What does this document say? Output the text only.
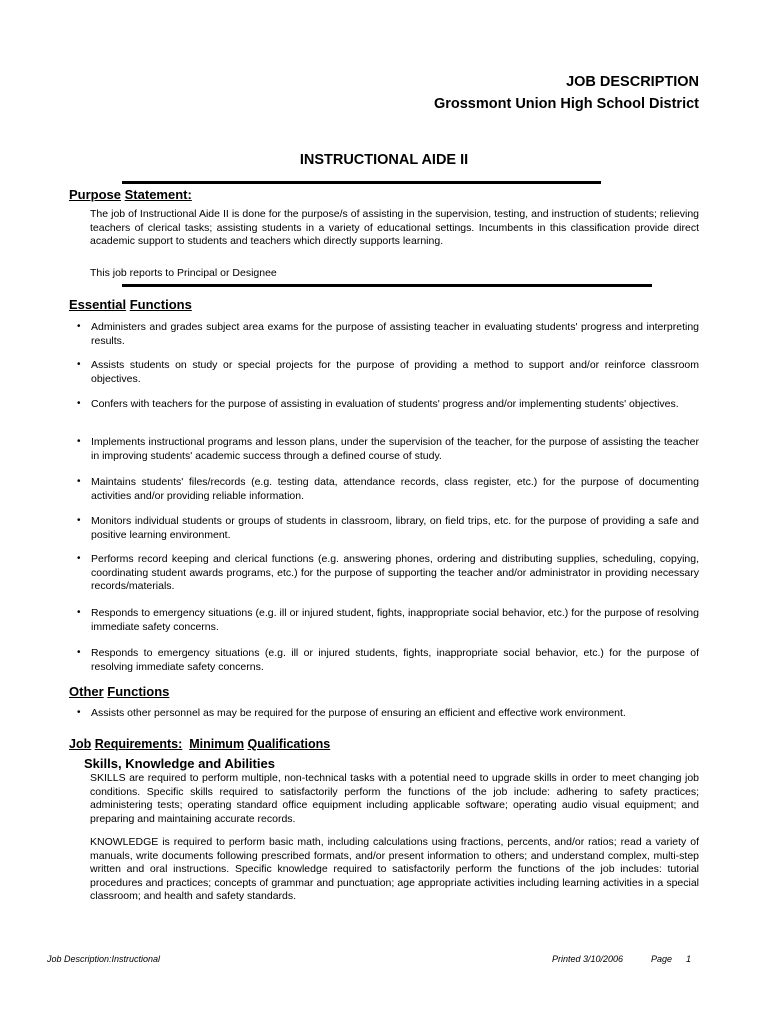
JOB DESCRIPTION
Grossmont Union High School District
INSTRUCTIONAL AIDE II
Purpose Statement:
The job of Instructional Aide II is done for the purpose/s of assisting in the supervision, testing, and instruction of students; relieving teachers of clerical tasks; assisting students in a variety of educational settings. Incumbents in this classification provide direct academic support to students and teachers which directly supports learning.
This job reports to Principal or Designee
Essential Functions
• Administers and grades subject area exams for the purpose of assisting teacher in evaluating students' progress and interpreting results.
• Assists students on study or special projects for the purpose of providing a method to support and/or reinforce classroom objectives.
• Confers with teachers for the purpose of assisting in evaluation of students' progress and/or implementing students' objectives.
• Implements instructional programs and lesson plans, under the supervision of the teacher, for the purpose of assisting the teacher in improving students' academic success through a defined course of study.
• Maintains students' files/records (e.g. testing data, attendance records, class register, etc.) for the purpose of documenting activities and/or providing reliable information.
• Monitors individual students or groups of students in classroom, library, on field trips, etc. for the purpose of providing a safe and positive learning environment.
• Performs record keeping and clerical functions (e.g. answering phones, ordering and distributing supplies, scheduling, copying, coordinating student awards programs, etc.) for the purpose of supporting the teacher and/or administrator in providing necessary records/materials.
• Responds to emergency situations (e.g. ill or injured student, fights, inappropriate social behavior, etc.) for the purpose of resolving immediate safety concerns.
• Responds to emergency situations (e.g. ill or injured students, fights, inappropriate social behavior, etc.) for the purpose of resolving immediate safety concerns.
Other Functions
• Assists other personnel as may be required for the purpose of ensuring an efficient and effective work environment.
Job Requirements: Minimum Qualifications
Skills, Knowledge and Abilities
SKILLS are required to perform multiple, non-technical tasks with a potential need to upgrade skills in order to meet changing job conditions. Specific skills required to satisfactorily perform the functions of the job include: adhering to safety practices; administering tests; operating standard office equipment including applicable software; operating audio visual equipment; and preparing and maintaining accurate records.
KNOWLEDGE is required to perform basic math, including calculations using fractions, percents, and/or ratios; read a variety of manuals, write documents following prescribed formats, and/or present information to others; and understand complex, multi-step written and oral instructions. Specific knowledge required to satisfactorily perform the functions of the job includes: tutorial procedures and practices; concepts of grammar and punctuation; age appropriate activities including learning activities in a special classroom; and health and safety standards.
Job Description:Instructional	Printed 3/10/2006	Page 1
